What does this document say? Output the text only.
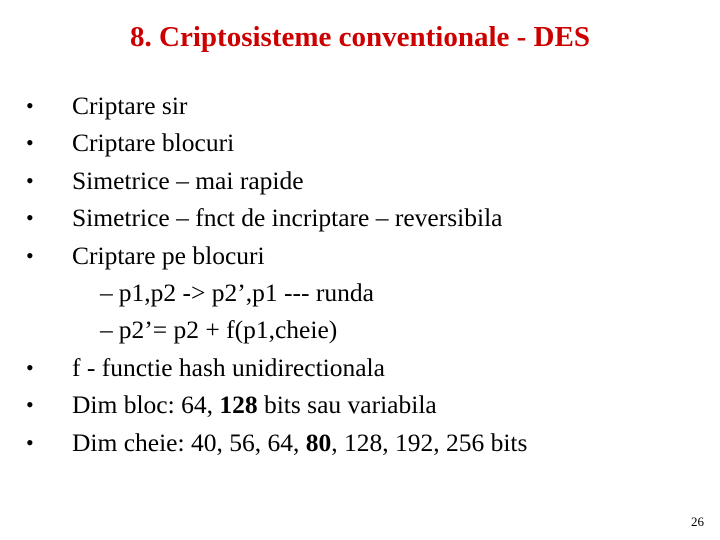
8. Criptosisteme conventionale - DES
•	Criptare sir
•	Criptare blocuri
•	Simetrice – mai rapide
•	Simetrice – fnct de incriptare – reversibila
•	Criptare pe blocuri
– p1,p2 -> p2’,p1 --- runda
– p2’= p2 + f(p1,cheie)
•	f - functie hash unidirectionala
•	Dim bloc: 64, 128 bits sau variabila
•	Dim cheie: 40, 56, 64, 80, 128, 192, 256 bits
26
